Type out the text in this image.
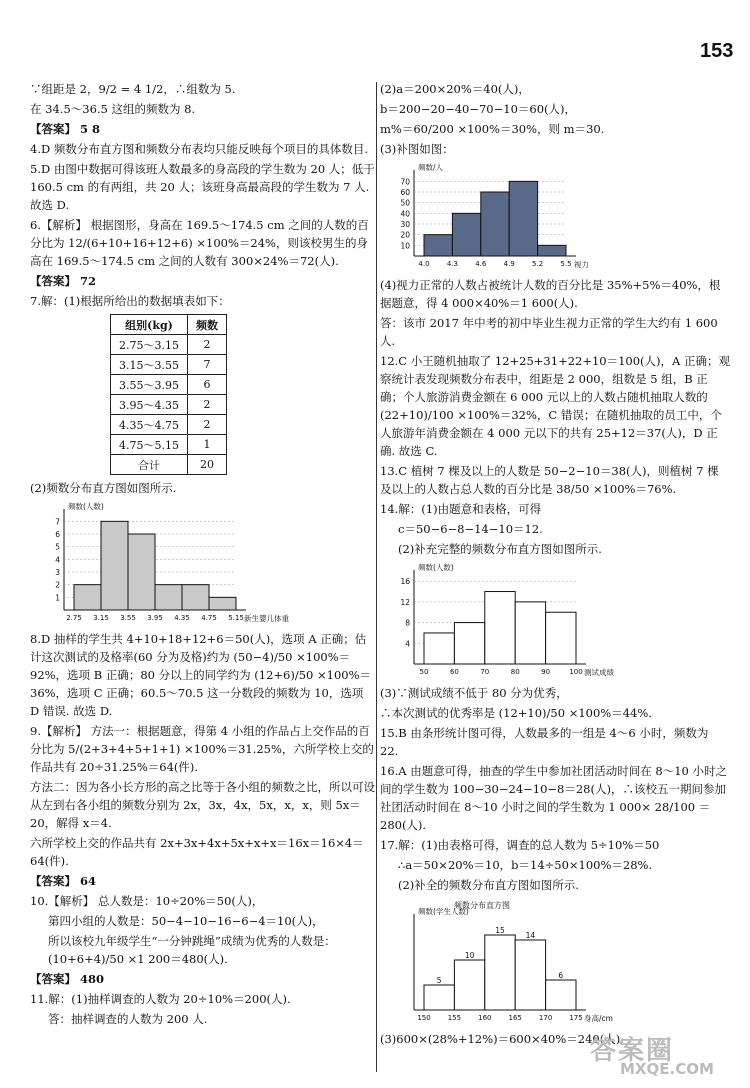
153
∵组距是 2，9/2 = 4 1/2，∴组数为 5.
在 34.5～36.5 这组的频数为 8.
【答案】 5 8
4.D 频数分布直方图和频数分布表均只能反映每个项目的具体数目.
5.D 由图中数据可得该班人数最多的身高段的学生数为 20 人；低于 160.5 cm 的有两组，共 20 人；该班身高最高段的学生数为 7 人. 故选 D.
6.【解析】 根据图形，身高在 169.5～174.5 cm 之间的人数的百分比为 12/(6+10+16+12+6) ×100%＝24%，则该校男生的身高在 169.5～174.5 cm 之间的人数有 300×24%＝72(人).
【答案】 72
7.解：(1)根据所给出的数据填表如下：
组别(kg)	频数
2.75～3.15	2
3.15～3.55	7
3.55～3.95	6
3.95～4.35	2
4.35～4.75	2
4.75～5.15	1
合计	20
(2)频数分布直方图如图所示.
频数(人数)
新生婴儿体重
1
2
3
4
5
6
7
2.75 3.15 3.55 3.95 4.35 4.75 5.15
8.D 抽样的学生共 4+10+18+12+6＝50(人)，选项 A 正确；估计这次测试的及格率(60 分为及格)约为 (50−4)/50 ×100%＝92%，选项 B 正确；80 分以上的同学约为 (12+6)/50 ×100%＝36%，选项 C 正确；60.5～70.5 这一分数段的频数为 10，选项 D 错误. 故选 D.
9.【解析】 方法一：根据题意，得第 4 小组的作品占上交作品的百分比为 5/(2+3+4+5+1+1) ×100%＝31.25%，六所学校上交的作品共有 20÷31.25%＝64(件).
方法二：因为各小长方形的高之比等于各小组的频数之比，所以可设从左到右各小组的频数分别为 2x，3x，4x，5x，x，x，则 5x＝20，解得 x＝4.
六所学校上交的作品共有 2x+3x+4x+5x+x+x＝16x＝16×4＝64(件).
【答案】 64
10.【解析】 总人数是：10÷20%＝50(人)，
第四小组的人数是：50−4−10−16−6−4＝10(人)，
所以该校九年级学生“一分钟跳绳”成绩为优秀的人数是：(10+6+4)/50 ×1 200＝480(人).
【答案】 480
11.解：(1)抽样调查的人数为 20÷10%＝200(人).
答：抽样调查的人数为 200 人.
(2)a＝200×20%＝40(人)，
b＝200−20−40−70−10＝60(人)，
m%＝60/200 ×100%＝30%，则 m＝30.
(3)补图如图：
频数/人
视力
10
20
30
40
50
60
70
4.0 4.3 4.6 4.9 5.2 5.5
(4)视力正常的人数占被统计人数的百分比是 35%+5%＝40%，根据题意，得 4 000×40%＝1 600(人).
答：该市 2017 年中考的初中毕业生视力正常的学生大约有 1 600 人.
12.C 小王随机抽取了 12+25+31+22+10＝100(人)，A 正确；观察统计表发现频数分布表中，组距是 2 000，组数是 5 组，B 正确；个人旅游消费金额在 6 000 元以上的人数占随机抽取人数的 (22+10)/100 ×100%＝32%，C 错误；在随机抽取的员工中，个人旅游年消费金额在 4 000 元以下的共有 25+12＝37(人)，D 正确. 故选 C.
13.C 植树 7 棵及以上的人数是 50−2−10＝38(人)，则植树 7 棵及以上的人数占总人数的百分比是 38/50 ×100%＝76%.
14.解：(1)由题意和表格，可得
c＝50−6−8−14−10＝12.
(2)补充完整的频数分布直方图如图所示.
频数(人数)
测试成绩
4
8
12
16
50	60	70	80	90	100
(3)∵测试成绩不低于 80 分为优秀，
∴本次测试的优秀率是 (12+10)/50 ×100%＝44%.
15.B 由条形统计图可得，人数最多的一组是 4～6 小时，频数为 22.
16.A 由题意可得，抽查的学生中参加社团活动时间在 8～10 小时之间的学生数为 100−30−24−10−8＝28(人)，∴该校五一期间参加社团活动时间在 8～10 小时之间的学生数为 1 000× 28/100 ＝280(人).
17.解：(1)由表格可得，调查的总人数为 5÷10%＝50
∴a＝50×20%＝10，b＝14÷50×100%＝28%.
(2)补全的频数分布直方图如图所示.
频数分布直方图
频数(学生人数)
身高/cm
5
10
15
14
6
150 155 160 165 170 175
(3)600×(28%+12%)＝600×40%＝240(人).
答案圈
MXQE.COM
